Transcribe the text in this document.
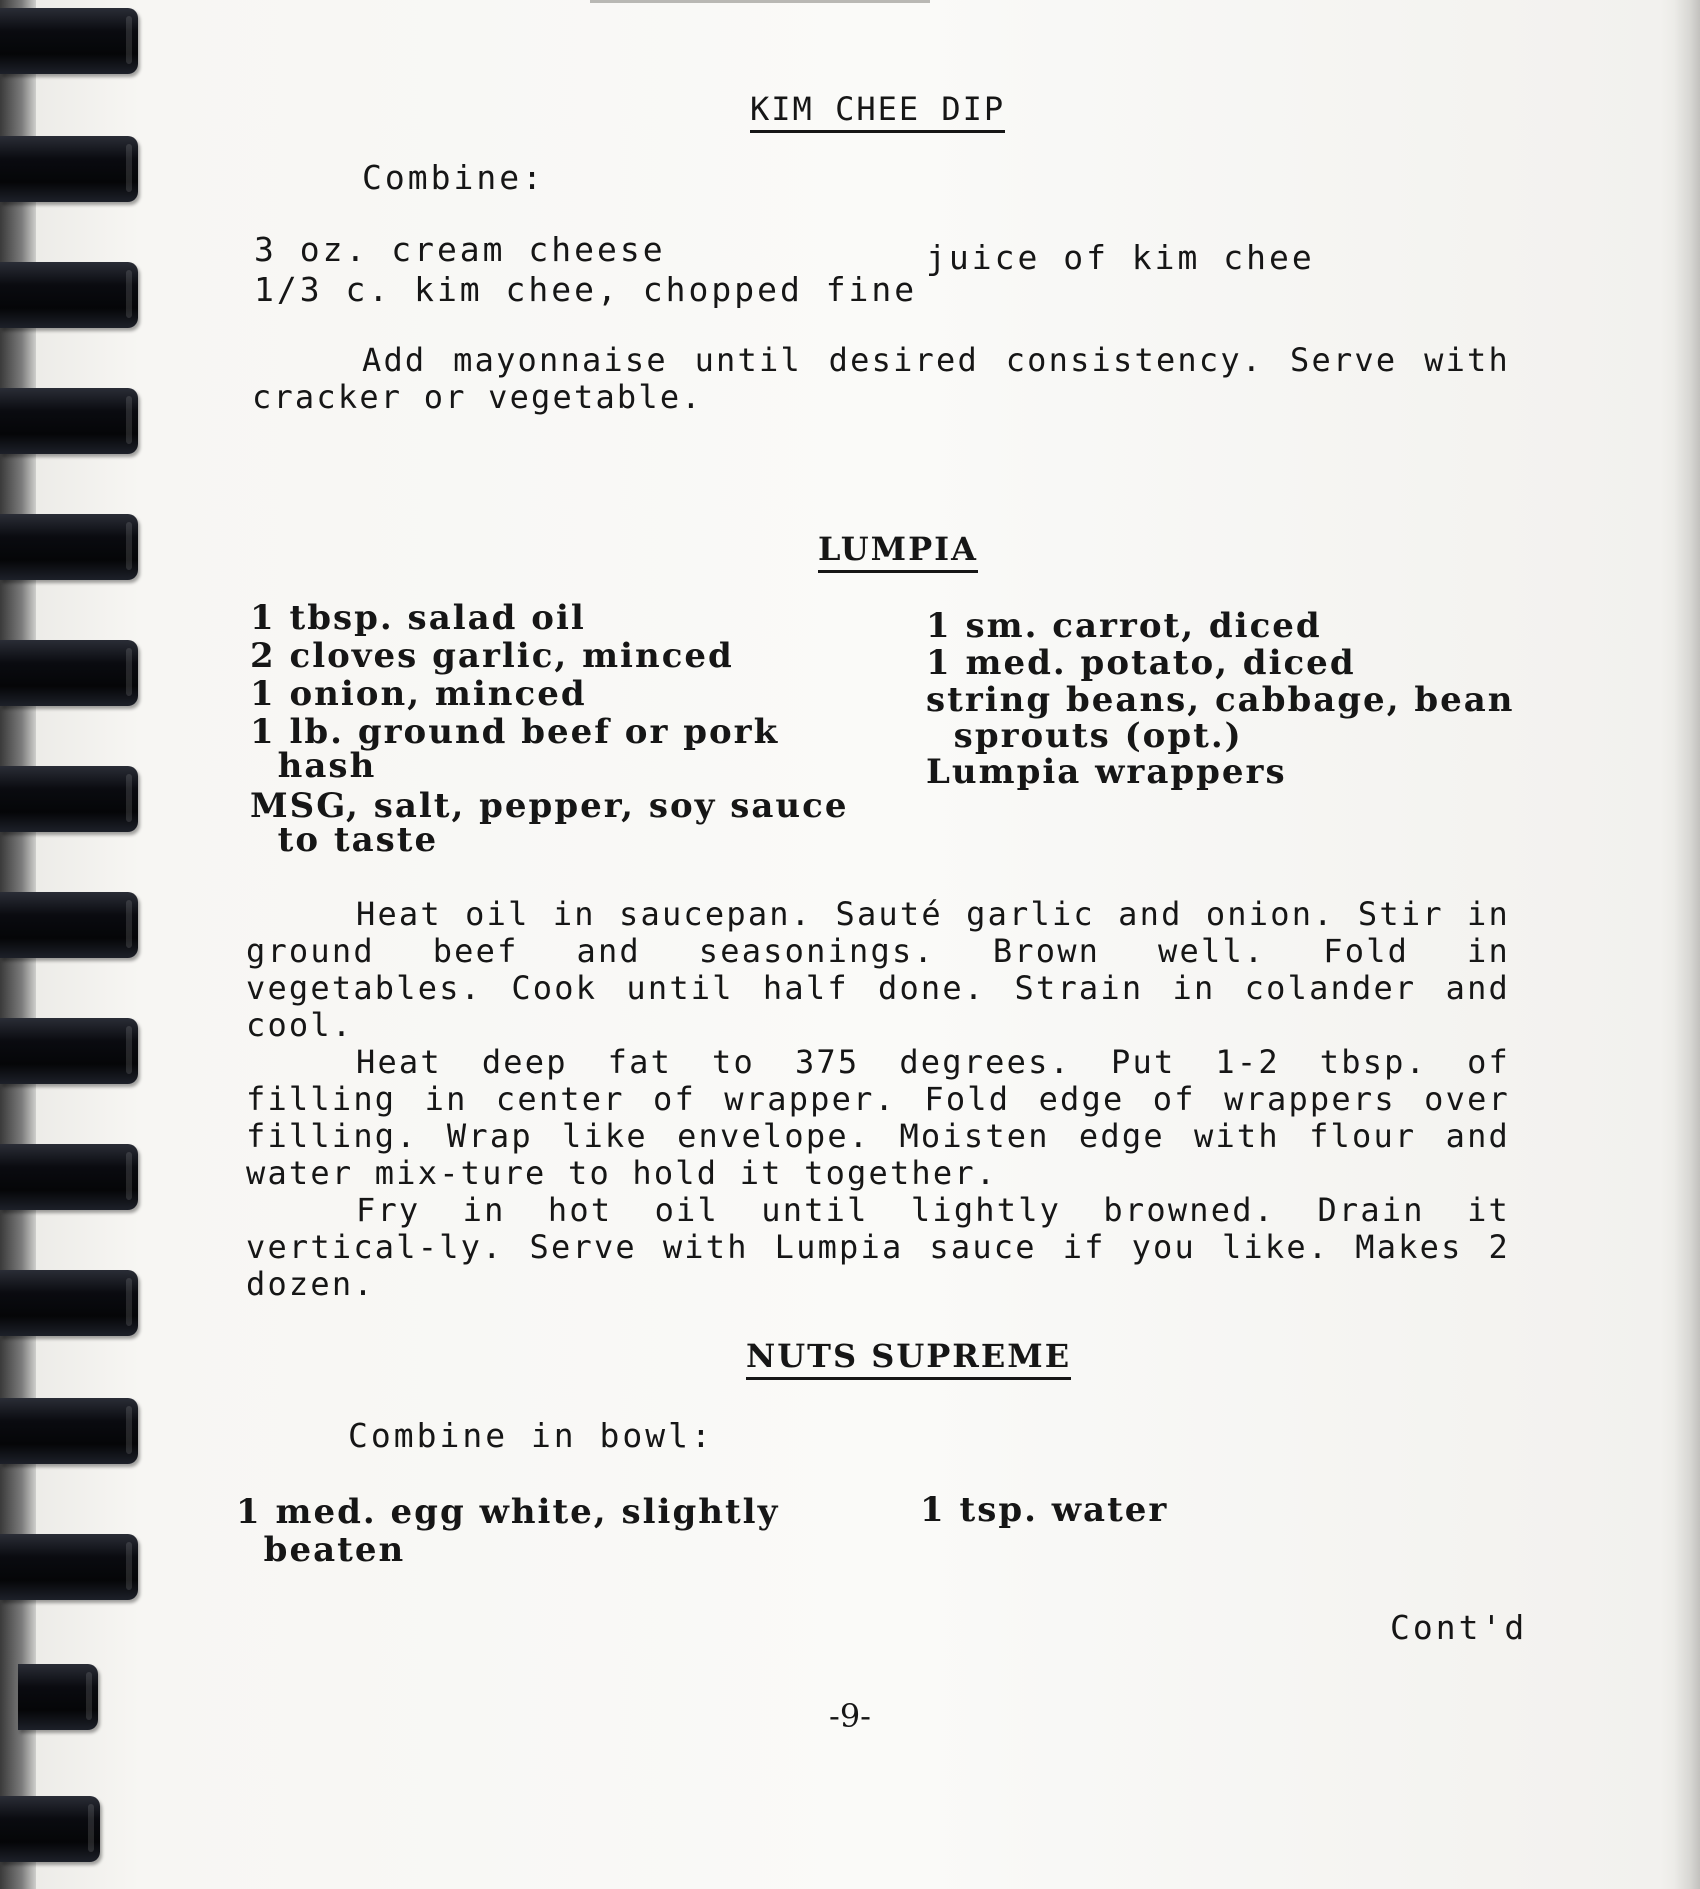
KIM CHEE DIP
Combine:
3 oz. cream cheese
1/3 c. kim chee, chopped fine
juice of kim chee

Add mayonnaise until desired consistency. Serve with cracker or vegetable.

LUMPIA
1 tbsp. salad oil
2 cloves garlic, minced
1 onion, minced
1 lb. ground beef or pork
hash
MSG, salt, pepper, soy sauce
to taste
1 sm. carrot, diced
1 med. potato, diced
string beans, cabbage, bean
sprouts (opt.)
Lumpia wrappers

Heat oil in saucepan. Sauté garlic and onion. Stir in ground beef and seasonings. Brown well. Fold in vegetables. Cook until half done. Strain in colander and cool.

Heat deep fat to 375 degrees. Put 1-2 tbsp. of filling in center of wrapper. Fold edge of wrappers over filling. Wrap like envelope. Moisten edge with flour and water mix-ture to hold it together.

Fry in hot oil until lightly browned. Drain it vertical-ly. Serve with Lumpia sauce if you like. Makes 2 dozen.

NUTS SUPREME
Combine in bowl:
1 med. egg white, slightly
beaten
1 tsp. water
Cont'd
-9-
